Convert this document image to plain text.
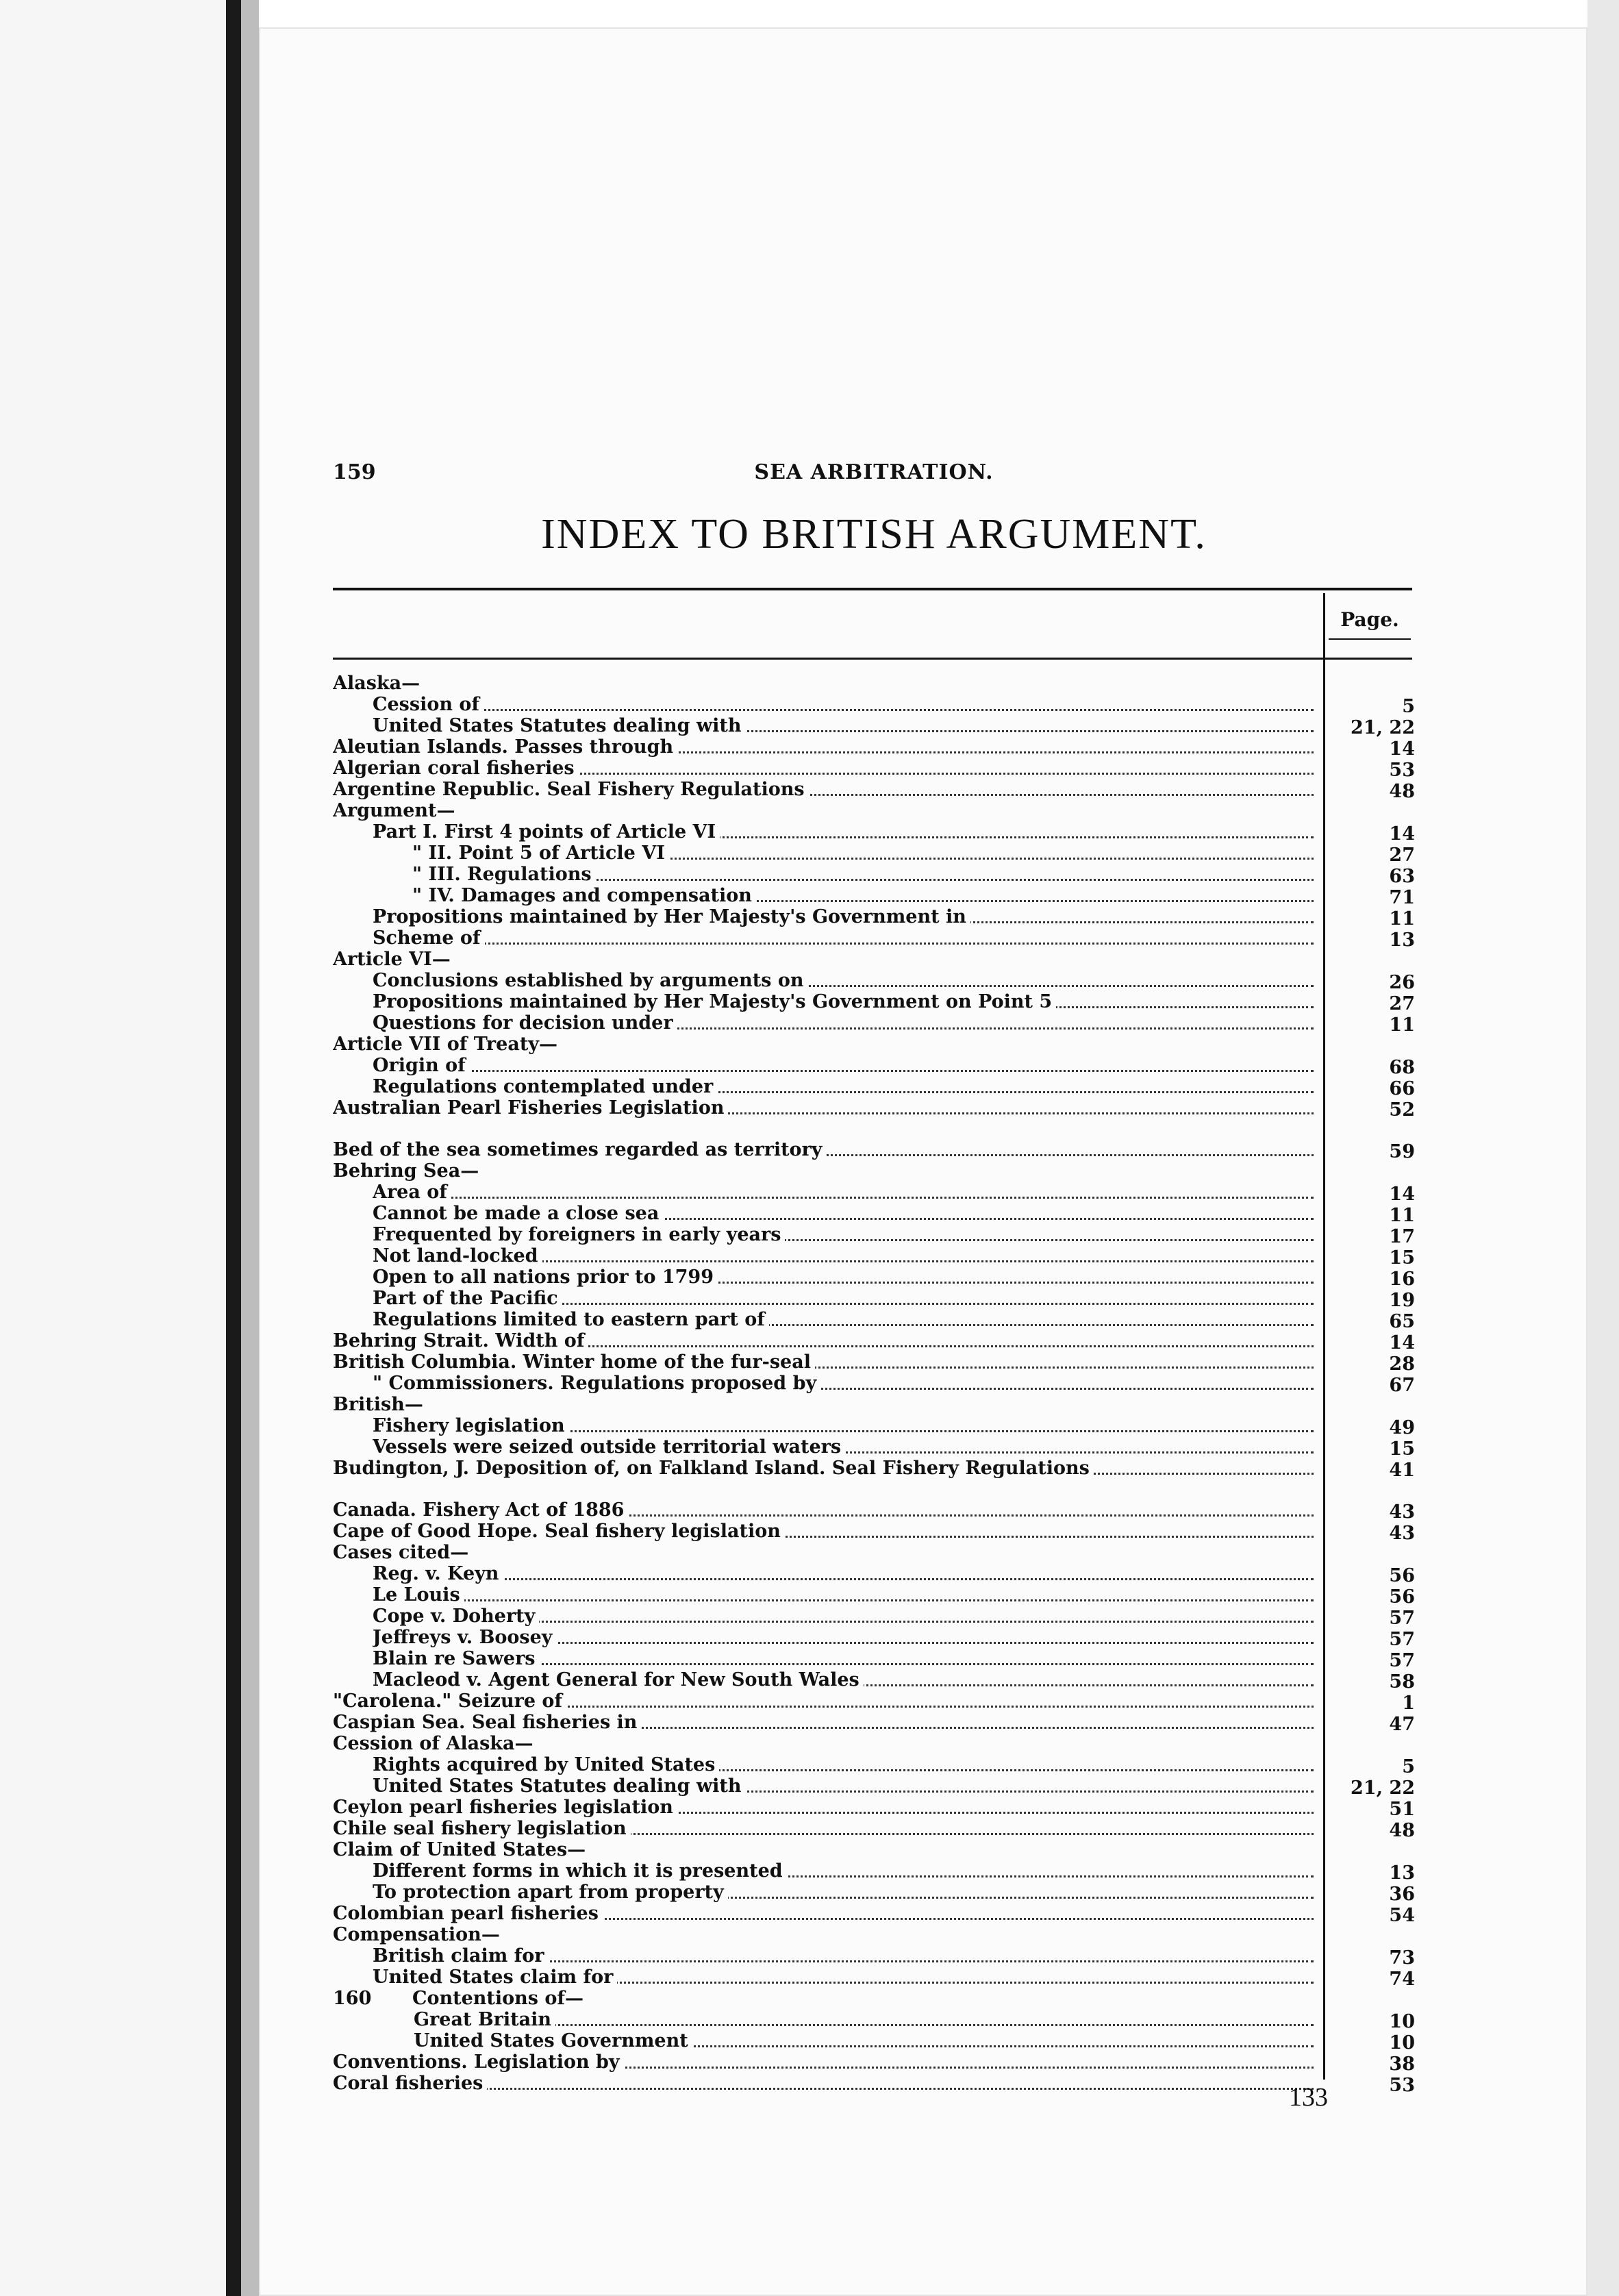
159	SEA ARBITRATION.
INDEX TO BRITISH ARGUMENT.
Page.
Alaska—
Cession of	5
United States Statutes dealing with	21, 22
Aleutian Islands. Passes through	14
Algerian coral fisheries	53
Argentine Republic. Seal Fishery Regulations	48
Argument—
Part I. First 4 points of Article VI	14
" II. Point 5 of Article VI	27
" III. Regulations	63
" IV. Damages and compensation	71
Propositions maintained by Her Majesty's Government in	11
Scheme of	13
Article VI—
Conclusions established by arguments on	26
Propositions maintained by Her Majesty's Government on Point 5	27
Questions for decision under	11
Article VII of Treaty—
Origin of	68
Regulations contemplated under	66
Australian Pearl Fisheries Legislation	52
Bed of the sea sometimes regarded as territory	59
Behring Sea—
Area of	14
Cannot be made a close sea	11
Frequented by foreigners in early years	17
Not land-locked	15
Open to all nations prior to 1799	16
Part of the Pacific	19
Regulations limited to eastern part of	65
Behring Strait. Width of	14
British Columbia. Winter home of the fur-seal	28
" Commissioners. Regulations proposed by	67
British—
Fishery legislation	49
Vessels were seized outside territorial waters	15
Budington, J. Deposition of, on Falkland Island. Seal Fishery Regulations	41
Canada. Fishery Act of 1886	43
Cape of Good Hope. Seal fishery legislation	43
Cases cited—
Reg. v. Keyn	56
Le Louis	56
Cope v. Doherty	57
Jeffreys v. Boosey	57
Blain re Sawers	57
Macleod v. Agent General for New South Wales	58
"Carolena." Seizure of	1
Caspian Sea. Seal fisheries in	47
Cession of Alaska—
Rights acquired by United States	5
United States Statutes dealing with	21, 22
Ceylon pearl fisheries legislation	51
Chile seal fishery legislation	48
Claim of United States—
Different forms in which it is presented	13
To protection apart from property	36
Colombian pearl fisheries	54
Compensation—
British claim for	73
United States claim for	74
160 Contentions of—
Great Britain	10
United States Government	10
Conventions. Legislation by	38
Coral fisheries	53
133
